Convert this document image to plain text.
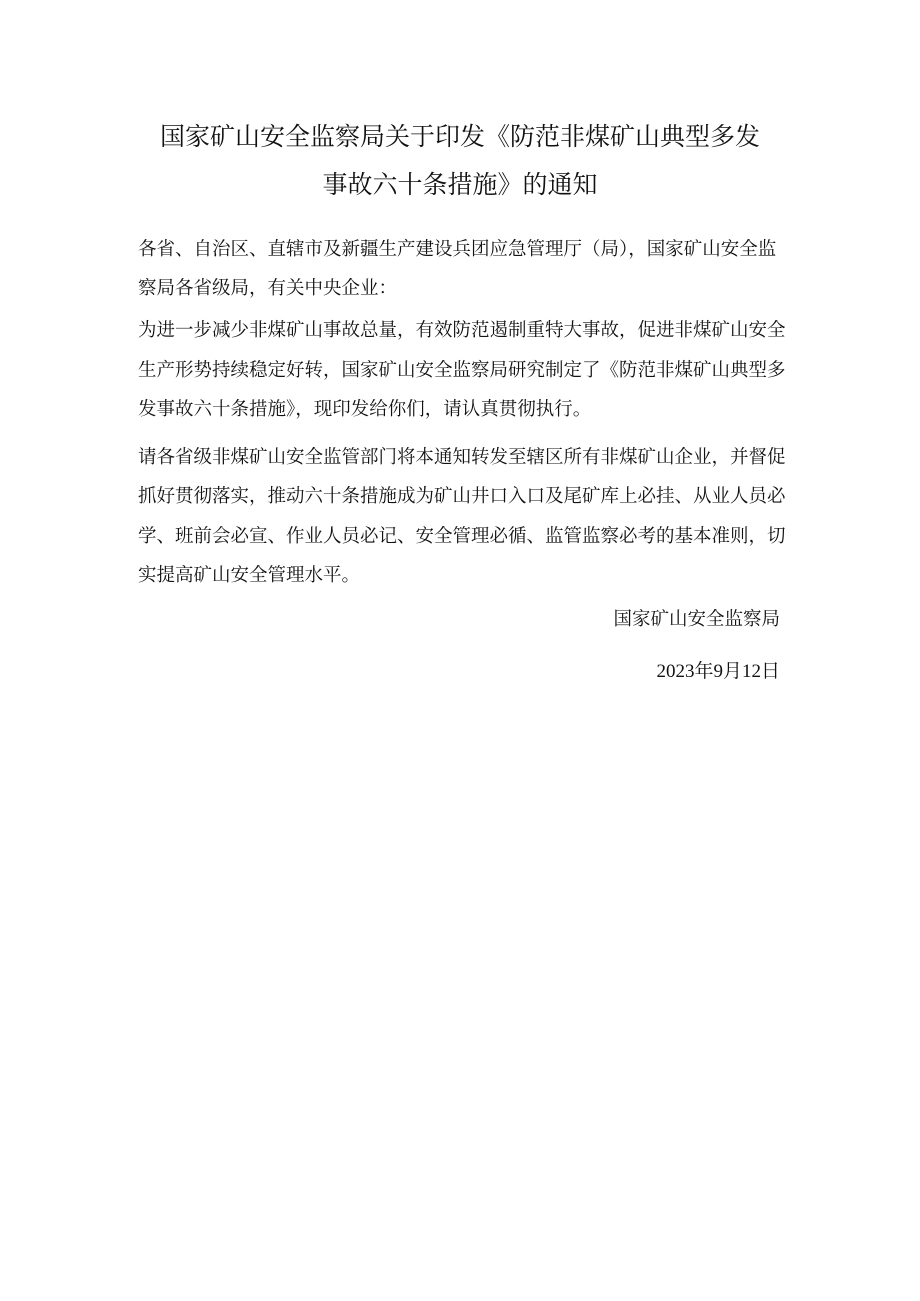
国家矿山安全监察局关于印发《防范非煤矿山典型多发
事故六十条措施》的通知
各省、自治区、直辖市及新疆生产建设兵团应急管理厅（局），国家矿山安全监
察局各省级局，有关中央企业：
为进一步减少非煤矿山事故总量，有效防范遏制重特大事故，促进非煤矿山安全
生产形势持续稳定好转，国家矿山安全监察局研究制定了《防范非煤矿山典型多
发事故六十条措施》，现印发给你们，请认真贯彻执行。
请各省级非煤矿山安全监管部门将本通知转发至辖区所有非煤矿山企业，并督促
抓好贯彻落实，推动六十条措施成为矿山井口入口及尾矿库上必挂、从业人员必
学、班前会必宣、作业人员必记、安全管理必循、监管监察必考的基本准则，切
实提高矿山安全管理水平。
国家矿山安全监察局
2023年9月12日
